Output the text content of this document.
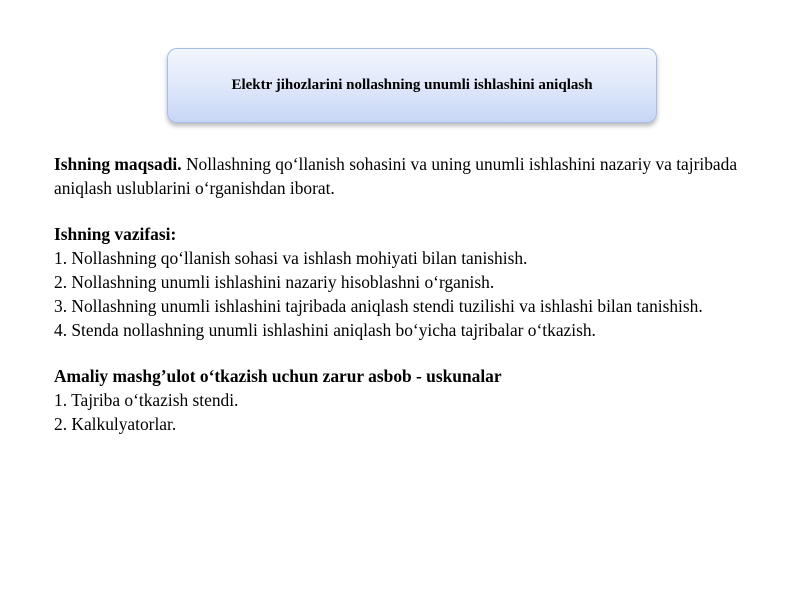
Elektr jihozlarini nollashning unumli ishlashini aniqlash

Ishning maqsadi. Nollashning qo‘llanish sohasini va uning unumli ishlashini nazariy va tajribada aniqlash uslublarini o‘rganishdan iborat.

Ishning vazifasi:
1. Nollashning qo‘llanish sohasi va ishlash mohiyati bilan tanishish.
2. Nollashning unumli ishlashini nazariy hisoblashni o‘rganish.
3. Nollashning unumli ishlashini tajribada aniqlash stendi tuzilishi va ishlashi bilan tanishish.
4. Stenda nollashning unumli ishlashini aniqlash bo‘yicha tajribalar o‘tkazish.
Amaliy mashg’ulot o‘tkazish uchun zarur asbob - uskunalar
1. Tajriba o‘tkazish stendi.
2. Kalkulyatorlar.
